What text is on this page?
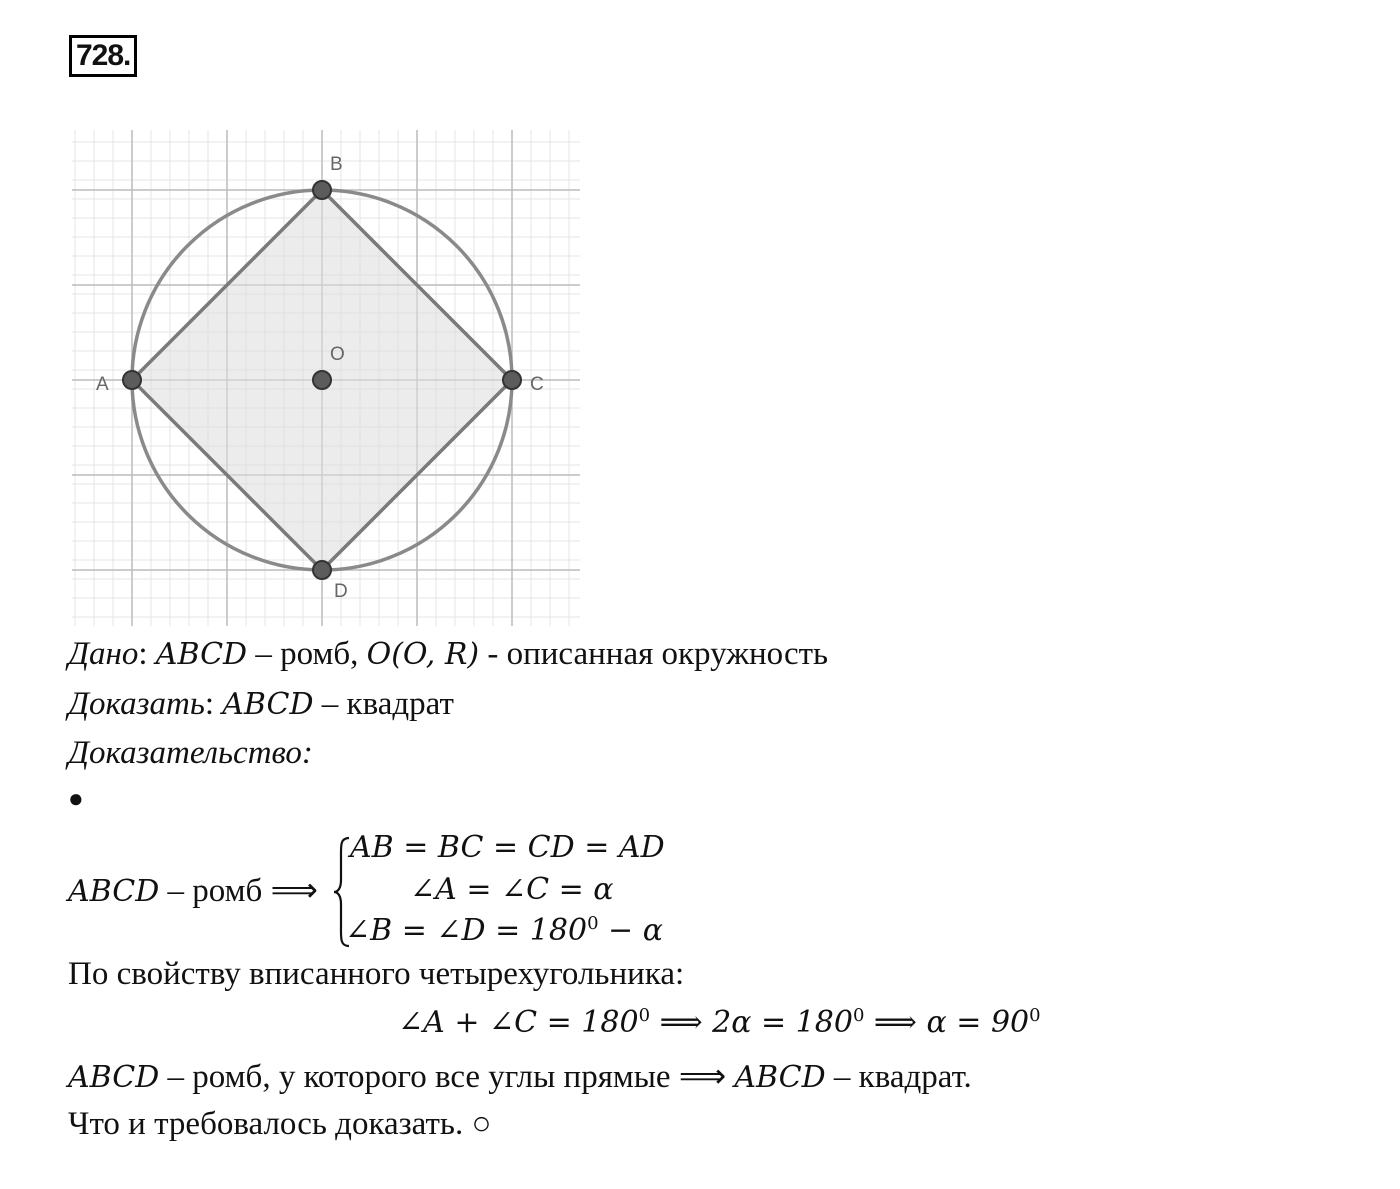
728.
A
B
C
D
O
Дано: ABCD – ромб, O(O, R) - описанная окружность
Доказать: ABCD – квадрат
Доказательство:
●
ABCD – ромб ⟹
AB = BC = CD = AD
∠A = ∠C = α
∠B = ∠D = $180^0 - \alpha$
По свойству вписанного четырехугольника:
∠A + ∠C = $180^0$ ⟹ $2\alpha = 180^0$ ⟹ $\alpha = 90^0$
ABCD – ромб, у которого все углы прямые ⟹ ABCD – квадрат.
Что и требовалось доказать. ○
